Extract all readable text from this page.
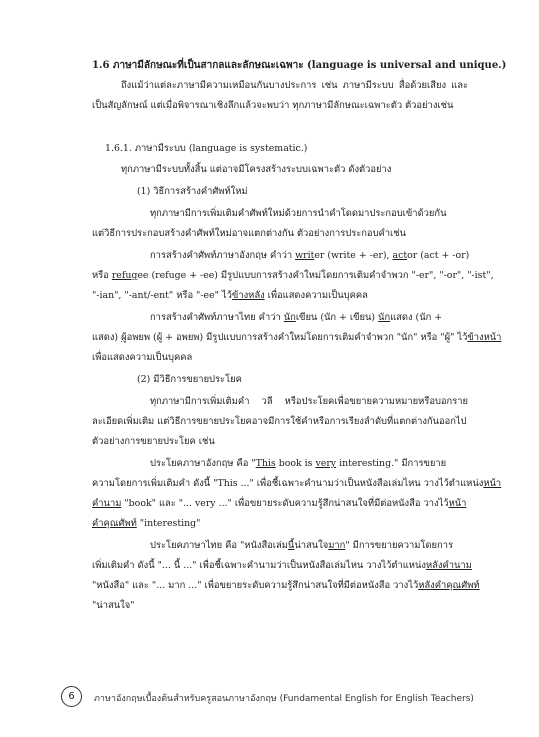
1.6 ภาษามีลักษณะที่เป็นสากลและลักษณะเฉพาะ (language is universal and unique.)
ถึงแม้ว่าแต่ละภาษามีความเหมือนกันบางประการ เช่น ภาษามีระบบ สื่อด้วยเสียง และ
เป็นสัญลักษณ์ แต่เมื่อพิจารณาเชิงลึกแล้วจะพบว่า ทุกภาษามีลักษณะเฉพาะตัว ตัวอย่างเช่น
1.6.1. ภาษามีระบบ (language is systematic.)
ทุกภาษามีระบบทั้งสิ้น แต่อาจมีโครงสร้างระบบเฉพาะตัว ดังตัวอย่าง
(1) วิธีการสร้างคำศัพท์ใหม่
ทุกภาษามีการเพิ่มเติมคำศัพท์ใหม่ด้วยการนำคำโดดมาประกอบเข้าด้วยกัน
แต่วิธีการประกอบสร้างคำศัพท์ใหม่อาจแตกต่างกัน ตัวอย่างการประกอบคำเช่น
การสร้างคำศัพท์ภาษาอังกฤษ คำว่า writer (write + -er), actor (act + -or)
หรือ refugee (refuge + -ee) มีรูปแบบการสร้างคำใหม่โดยการเติมคำจำพวก "-er", "-or", "-ist",
"-ian", "-ant/-ent" หรือ "-ee" ไว้ข้างหลัง เพื่อแสดงความเป็นบุคคล
การสร้างคำศัพท์ภาษาไทย คำว่า นักเขียน (นัก + เขียน) นักแสดง (นัก +
แสดง) ผู้อพยพ (ผู้ + อพยพ) มีรูปแบบการสร้างคำใหม่โดยการเติมคำจำพวก "นัก" หรือ "ผู้" ไว้ข้างหน้า
เพื่อแสดงความเป็นบุคคล
(2) มีวิธีการขยายประโยค
ทุกภาษามีการเพิ่มเติมคำ วลี หรือประโยคเพื่อขยายความหมายหรือบอกราย
ละเอียดเพิ่มเติม แต่วิธีการขยายประโยคอาจมีการใช้คำหรือการเรียงลำดับที่แตกต่างกันออกไป
ตัวอย่างการขยายประโยค เช่น
ประโยคภาษาอังกฤษ คือ "This book is very interesting." มีการขยาย
ความโดยการเพิ่มเติมคำ ดังนี้ "This ..." เพื่อชี้เฉพาะคำนามว่าเป็นหนังสือเล่มไหน วางไว้ตำแหน่งหน้า
คำนาม "book" และ "... very ..." เพื่อขยายระดับความรู้สึกน่าสนใจที่มีต่อหนังสือ วางไว้หน้า
คำคุณศัพท์ "interesting"
ประโยคภาษาไทย คือ "หนังสือเล่มนี้น่าสนใจมาก" มีการขยายความโดยการ
เพิ่มเติมคำ ดังนี้ "... นี้ ..." เพื่อชี้เฉพาะคำนามว่าเป็นหนังสือเล่มไหน วางไว้ตำแหน่งหลังคำนาม
"หนังสือ" และ "... มาก ..." เพื่อขยายระดับความรู้สึกน่าสนใจที่มีต่อหนังสือ วางไว้หลังคำคุณศัพท์
"น่าสนใจ"
6	ภาษาอังกฤษเบื้องต้นสำหรับครูสอนภาษาอังกฤษ (Fundamental English for English Teachers)
